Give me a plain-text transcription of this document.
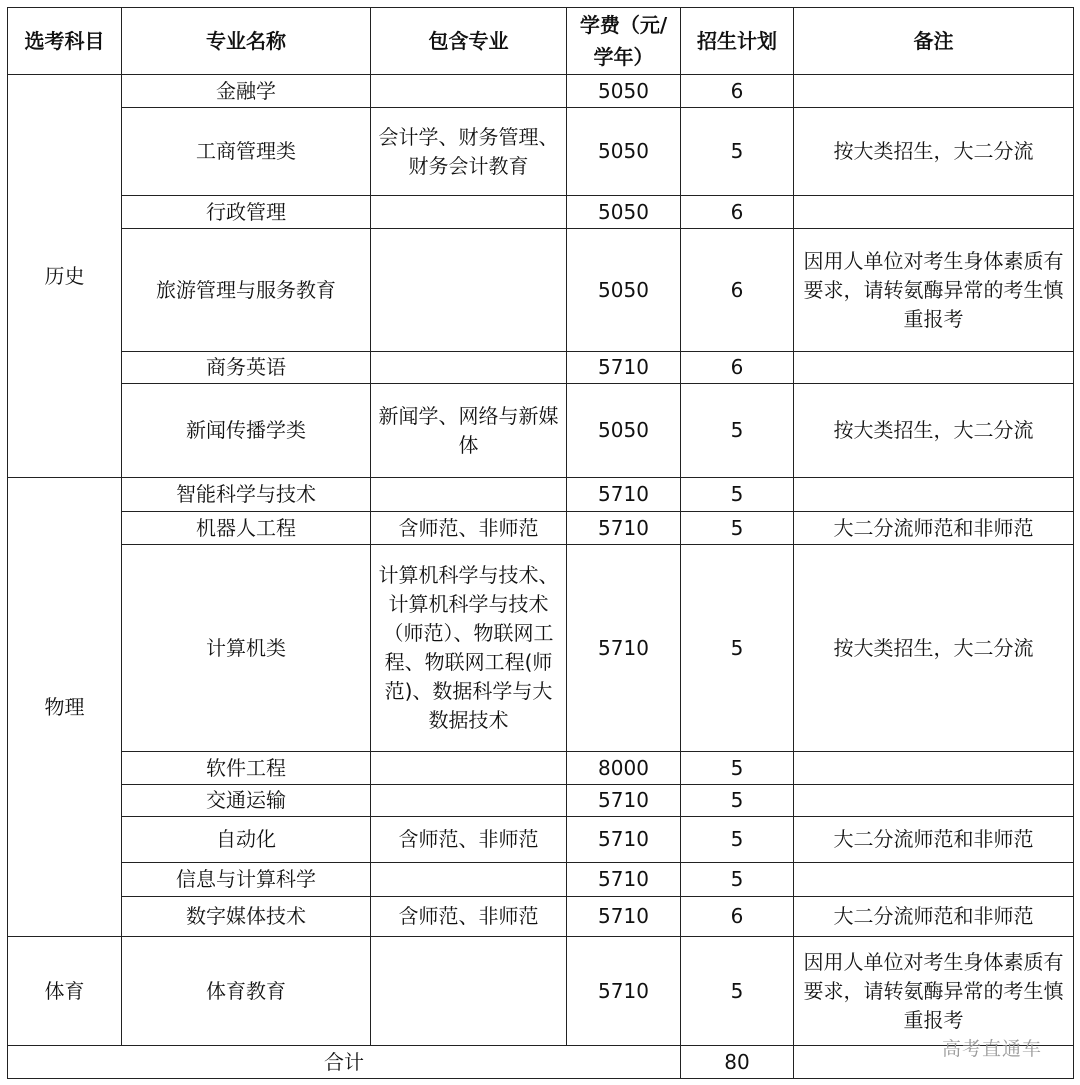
选考科目	专业名称	包含专业	学费（元/学年）	招生计划	备注
历史	金融学		5050	6	
	工商管理类	会计学、财务管理、财务会计教育	5050	5	按大类招生，大二分流
	行政管理		5050	6	
	旅游管理与服务教育		5050	6	因用人单位对考生身体素质有要求，请转氨酶异常的考生慎重报考
	商务英语		5710	6	
	新闻传播学类	新闻学、网络与新媒体	5050	5	按大类招生，大二分流
物理	智能科学与技术		5710	5	
	机器人工程	含师范、非师范	5710	5	大二分流师范和非师范
	计算机类	计算机科学与技术、计算机科学与技术（师范）、物联网工程、物联网工程(师范)、数据科学与大数据技术	5710	5	按大类招生，大二分流
	软件工程		8000	5	
	交通运输		5710	5	
	自动化	含师范、非师范	5710	5	大二分流师范和非师范
	信息与计算科学		5710	5	
	数字媒体技术	含师范、非师范	5710	6	大二分流师范和非师范
体育	体育教育		5710	5	因用人单位对考生身体素质有要求，请转氨酶异常的考生慎重报考
合计				80	
高考直通车
